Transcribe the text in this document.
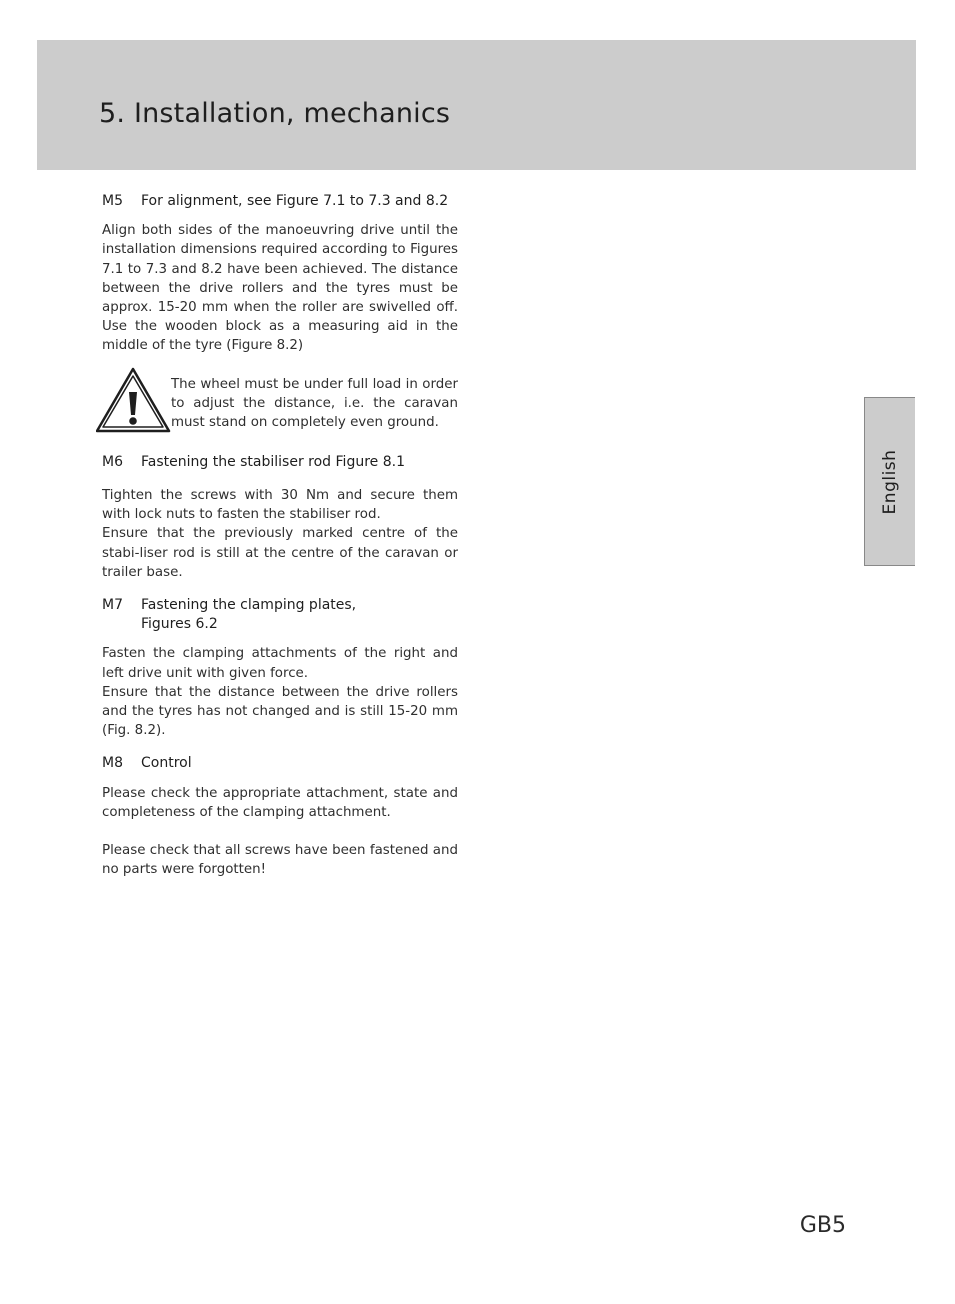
5. Installation, mechanics
M5	For alignment, see Figure 7.1 to 7.3 and 8.2

Align both sides of the manoeuvring drive until the installation dimensions required according to Figures 7.1 to 7.3 and 8.2 have been achieved. The distance between the drive rollers and the tyres must be approx. 15-20 mm when the roller are swivelled off. Use the wooden block as a measuring aid in the middle of the tyre (Figure 8.2)

The wheel must be under full load in order to adjust the distance, i.e. the caravan must stand on completely even ground.
M6	Fastening the stabiliser rod Figure 8.1

Tighten the screws with 30 Nm and secure them with lock nuts to fasten the stabiliser rod.

Ensure that the previously marked centre of the stabi-liser rod is still at the centre of the caravan or trailer base.

M7	Fastening the clamping plates,
Figures 6.2

Fasten the clamping attachments of the right and left drive unit with given force.

Ensure that the distance between the drive rollers and the tyres has not changed and is still 15-20 mm (Fig. 8.2).

M8	Control

Please check the appropriate attachment, state and completeness of the clamping attachment.

Please check that all screws have been fastened and no parts were forgotten!

English
GB5
